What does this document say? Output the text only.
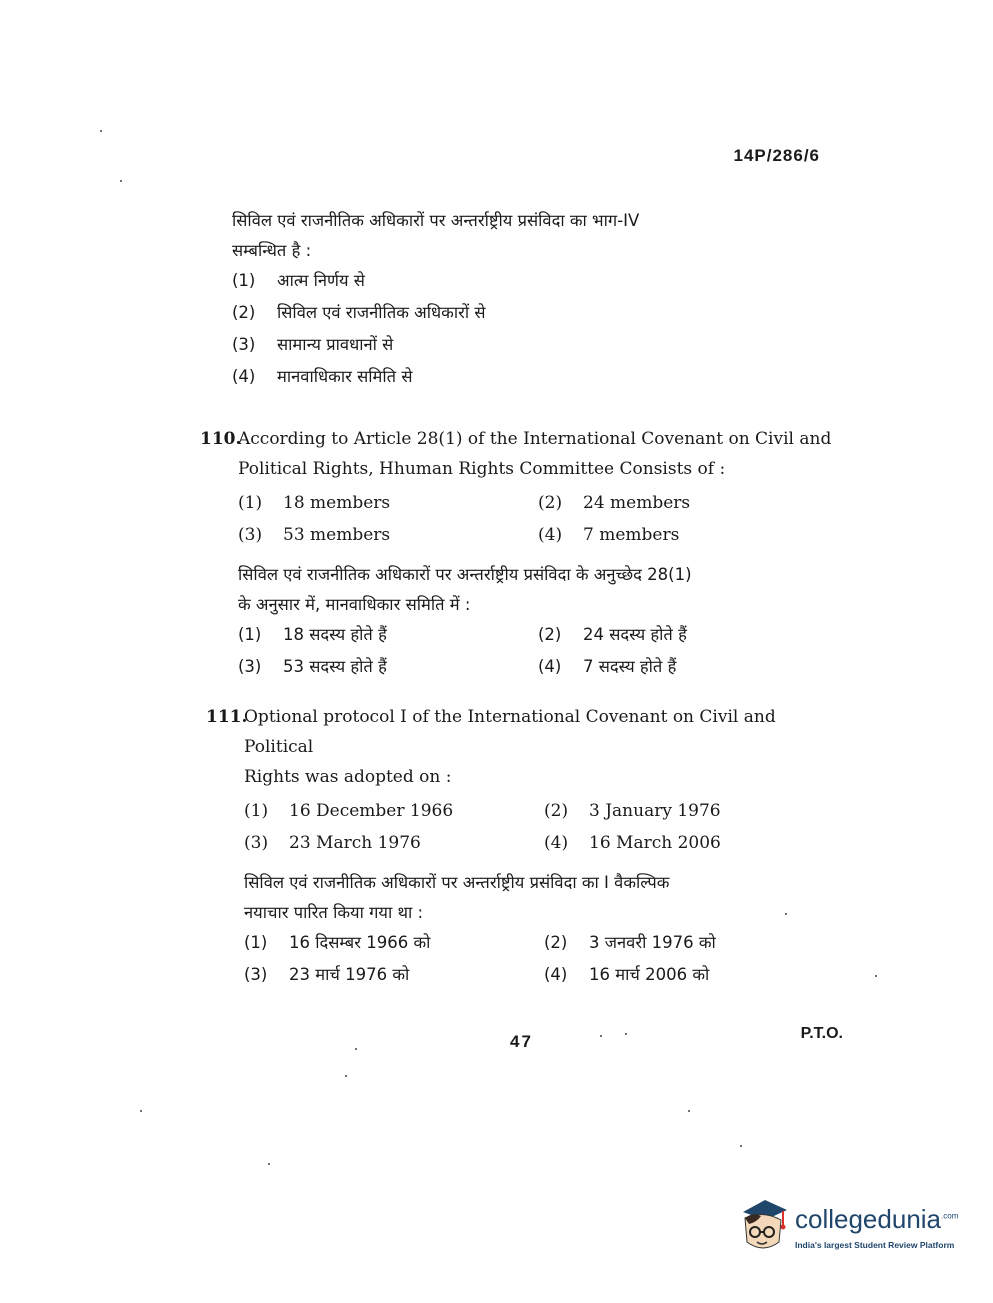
14P/286/6
सिविल एवं राजनीतिक अधिकारों पर अन्तर्राष्ट्रीय प्रसंविदा का भाग-IV
सम्बन्धित है :
(1) आत्म निर्णय से
(2) सिविल एवं राजनीतिक अधिकारों से
(3) सामान्य प्रावधानों से
(4) मानवाधिकार समिति से
110.
According to Article 28(1) of the International Covenant on Civil and
Political Rights, Hhuman Rights Committee Consists of :
(1) 18 members	(2) 24 members
(3) 53 members	(4) 7 members
सिविल एवं राजनीतिक अधिकारों पर अन्तर्राष्ट्रीय प्रसंविदा के अनुच्छेद 28(1)
के अनुसार में, मानवाधिकार समिति में :
(1) 18 सदस्य होते हैं	(2) 24 सदस्य होते हैं
(3) 53 सदस्य होते हैं	(4) 7 सदस्य होते हैं
111.
Optional protocol I of the International Covenant on Civil and Political
Rights was adopted on :
(1) 16 December 1966	(2) 3 January 1976
(3) 23 March 1976	(4) 16 March 2006
सिविल एवं राजनीतिक अधिकारों पर अन्तर्राष्ट्रीय प्रसंविदा का I वैकल्पिक
नयाचार पारित किया गया था :
(1) 16 दिसम्बर 1966 को	(2) 3 जनवरी 1976 को
(3) 23 मार्च 1976 को	(4) 16 मार्च 2006 को
47	P.T.O.
collegedunia$^{.com}$
India's largest Student Review Platform
